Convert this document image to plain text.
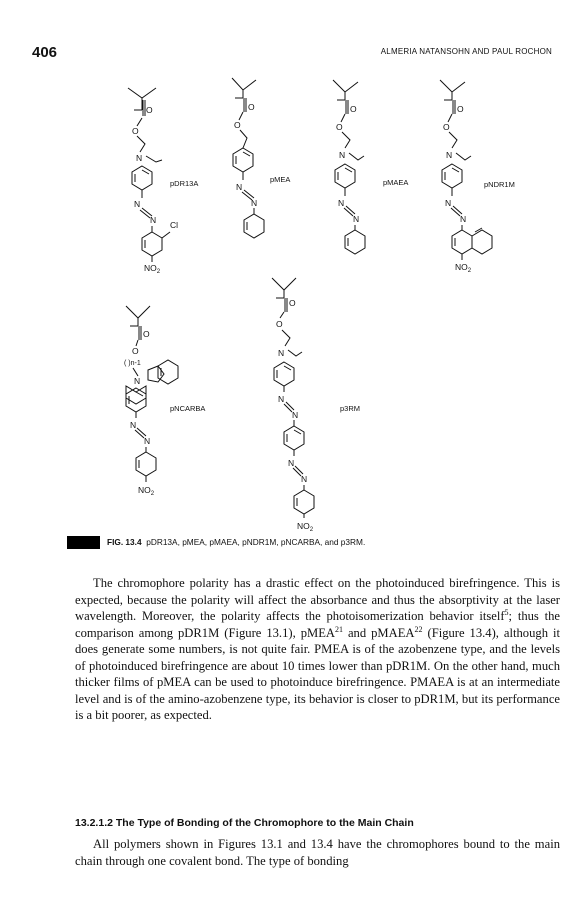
406	ALMERIA NATANSOHN AND PAUL ROCHON
O
O
N
N
N Cl
$NO_2$
pDR13A
O
O
N
N
pMEA
O
O
N
N
N
pMAEA
O
O
N
N
N
$NO_2$
pNDR1M
O
O
( )n-1
N
N
N
$NO_2$
pNCARBA
O
O
N
N
N
N
N
$NO_2$
p3RM
FIG. 13.4 pDR13A, pMEA, pMAEA, pNDR1M, pNCARBA, and p3RM.

The chromophore polarity has a drastic effect on the photoinduced birefringence. This is expected, because the polarity will affect the absorbance and thus the absorptivity at the laser wavelength. Moreover, the polarity affects the photoisomerization behavior itself$^5$; thus the comparison among pDR1M (Figure 13.1), pMEA$^{21}$ and pMAEA$^{22}$ (Figure 13.4), although it does generate some numbers, is not quite fair. PMEA is of the azobenzene type, and the levels of photoinduced birefringence are about 10 times lower than pDR1M. On the other hand, much thicker films of pMEA can be used to photoinduce birefringence. PMAEA is at an intermediate level and is of the amino-azobenzene type, its behavior is closer to pDR1M, but its performance is a bit poorer, as expected.

13.2.1.2 The Type of Bonding of the Chromophore to the Main Chain

All polymers shown in Figures 13.1 and 13.4 have the chromophores bound to the main chain through one covalent bond. The type of bonding
